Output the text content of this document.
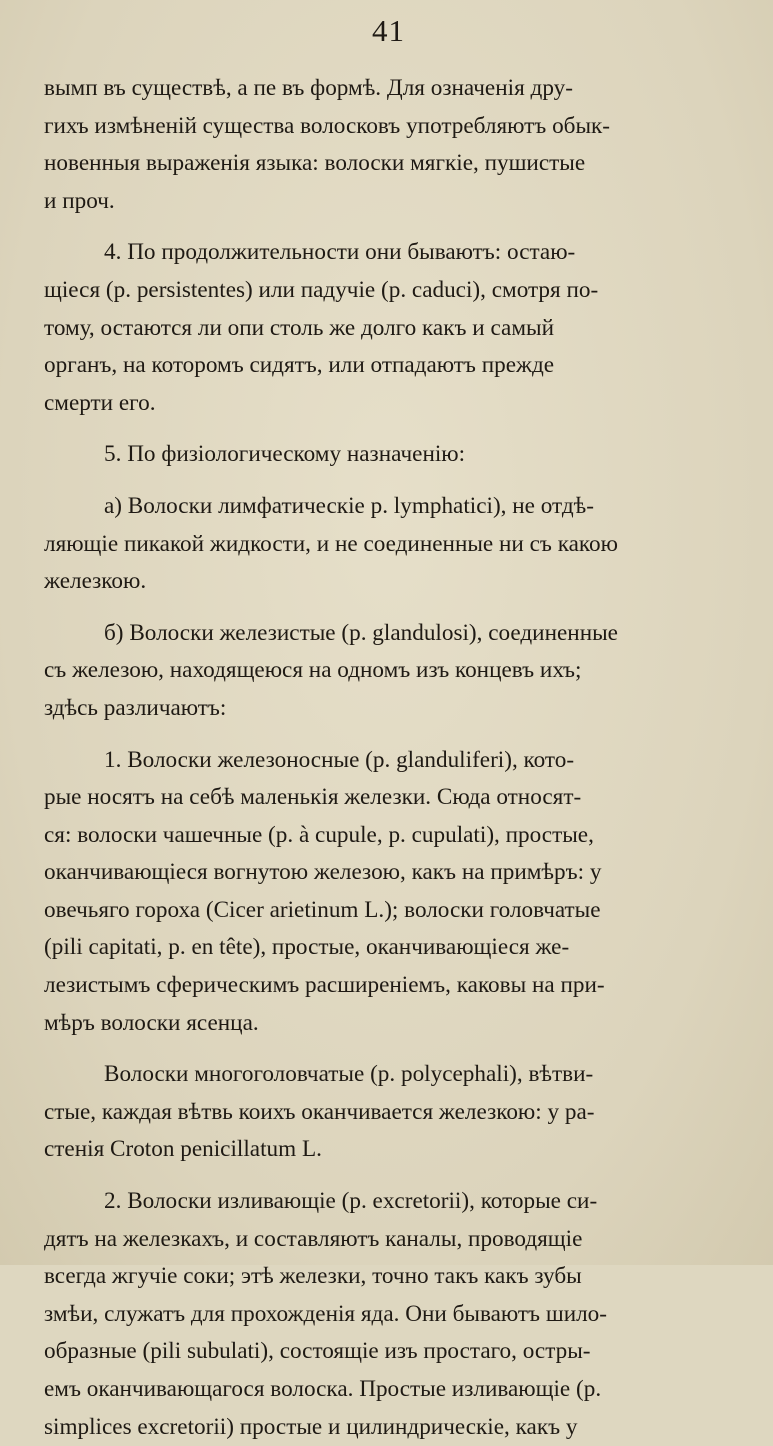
41
вымп въ существѣ, а пе въ формѣ. Для означенія дру-
гихъ измѣненій существа волосковъ употребляютъ обык-
новенныя выраженія языка: волоски мягкіе, пушистые
и проч.
4. По продолжительности они бываютъ: остаю-
щіеся (р. persistentes) или падучіе (р. caduci), смотря по-
тому, остаются ли опи столь же долго какъ и самый
органъ, на которомъ сидятъ, или отпадаютъ прежде
смерти его.
5. По физіологическому назначенію:
а) Волоски лимфатическіе р. lymphatici), не отдѣ-
ляющіе пикакой жидкости, и не соединенные ни съ какою
железкою.
б) Волоски железистые (р. glandulosi), соединенные
съ железою, находящеюся на одномъ изъ концевъ ихъ;
здѣсь различаютъ:
1. Волоски железоносные (р. glanduliferi), кото-
рые носятъ на себѣ маленькія железки. Сюда относят-
ся: волоски чашечные (р. à cupule, р. cupulati), простые,
оканчивающіеся вогнутою железою, какъ на примѣръ: у
овечьяго гороха (Cicer arietinum L.); волоски головчатые
(pili capitati, р. en tête), простые, оканчивающіеся же-
лезистымъ сферическимъ расширеніемъ, каковы на при-
мѣръ волоски ясенца.
Волоски многоголовчатые (р. polycephali), вѣтви-
стые, каждая вѣтвь коихъ оканчивается железкою: у ра-
стенія Croton penicillatum L.
2. Волоски изливающіе (р. excretorii), которые си-
дятъ на железкахъ, и составляютъ каналы, проводящіе
всегда жгучіе соки; этѣ железки, точно такъ какъ зубы
змѣи, служатъ для прохожденія яда. Они бываютъ шило-
образные (pili subulati), состоящіе изъ простаго, остры-
емъ оканчивающагося волоска. Простые изливающіе (р.
simplices excretorii) простые и цилиндрическіе, какъ у
